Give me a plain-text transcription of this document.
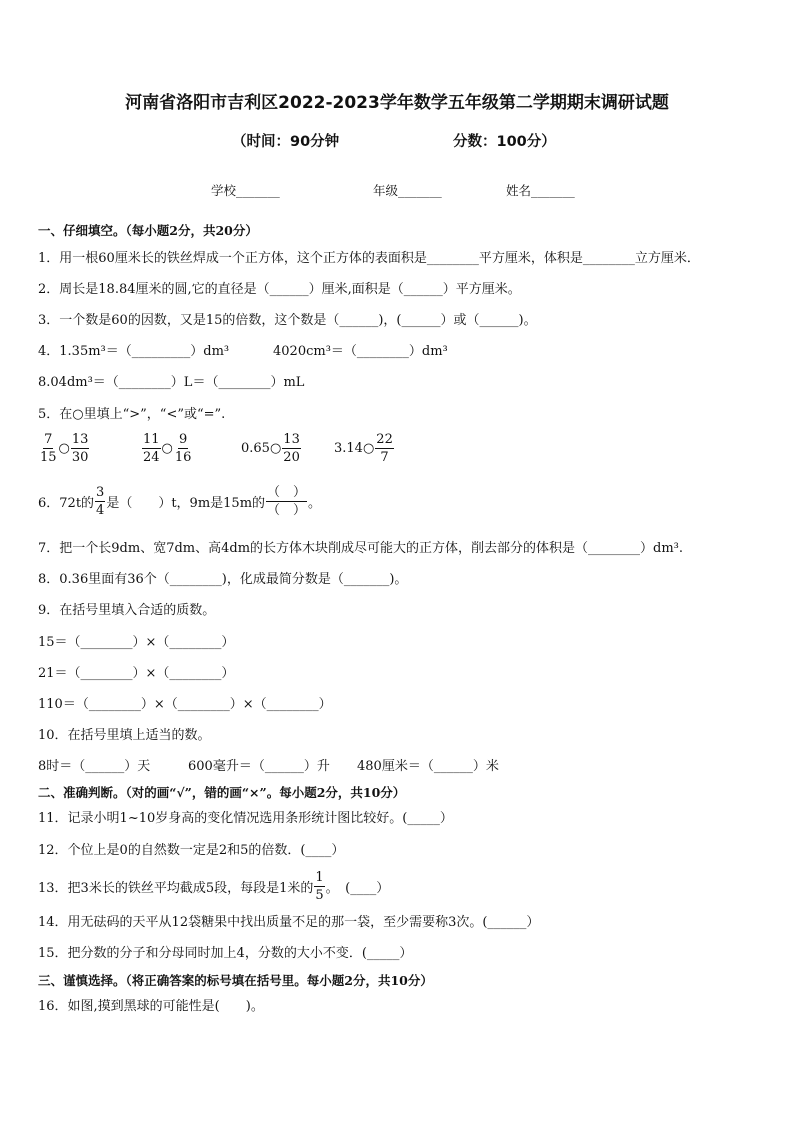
河南省洛阳市吉利区2022-2023学年数学五年级第二学期期末调研试题
（时间：90分钟	分数：100分）
学校_______	年级_______	姓名_______
一、仔细填空。（每小题2分，共20分）
1．用一根60厘米长的铁丝焊成一个正方体，这个正方体的表面积是________平方厘米，体积是________立方厘米．
2．周长是18.84厘米的圆,它的直径是（______）厘米,面积是（______）平方厘米。
3．一个数是60的因数，又是15的倍数，这个数是（______)，(______）或（______)。
4．1.35m³＝（_________）dm³	4020cm³＝（________）dm³
8.04dm³＝（________）L＝（________）mL
5．在○里填上“>”，“<”或“=”.
$\frac{7}{15}$ ○ $\frac{13}{30}$	$\frac{11}{24}$ ○ $\frac{9}{16}$	0.65○ $\frac{13}{20}$	3.14○ $\frac{22}{7}$
6．72t的 $\frac{3}{4}$ 是（　　）t，9m是15m的 $\frac{( )}{( )}$ 。
7．把一个长9dm、宽7dm、高4dm的长方体木块削成尽可能大的正方体，削去部分的体积是（________）dm³.
8．0.36里面有36个（________)，化成最简分数是（_______)。
9．在括号里填入合适的质数。
15＝（________）×（________）
21＝（________）×（________）
110＝（________）×（________）×（________）
10．在括号里填上适当的数。
8时＝（______）天	600毫升＝（______）升 480厘米＝（______）米
二、准确判断。（对的画“√”，错的画“×”。每小题2分，共10分）
11．记录小明1~10岁身高的变化情况选用条形统计图比较好。(_____）
12．个位上是0的自然数一定是2和5的倍数．(____）
13．把3米长的铁丝平均截成5段，每段是1米的 $\frac{1}{5}$ 。　(____）
14．用无砝码的天平从12袋糖果中找出质量不足的那一袋，至少需要称3次。(______）
15．把分数的分子和分母同时加上4，分数的大小不变．(_____）
三、谨慎选择。（将正确答案的标号填在括号里。每小题2分，共10分）
16．如图,摸到黑球的可能性是(　　)。
